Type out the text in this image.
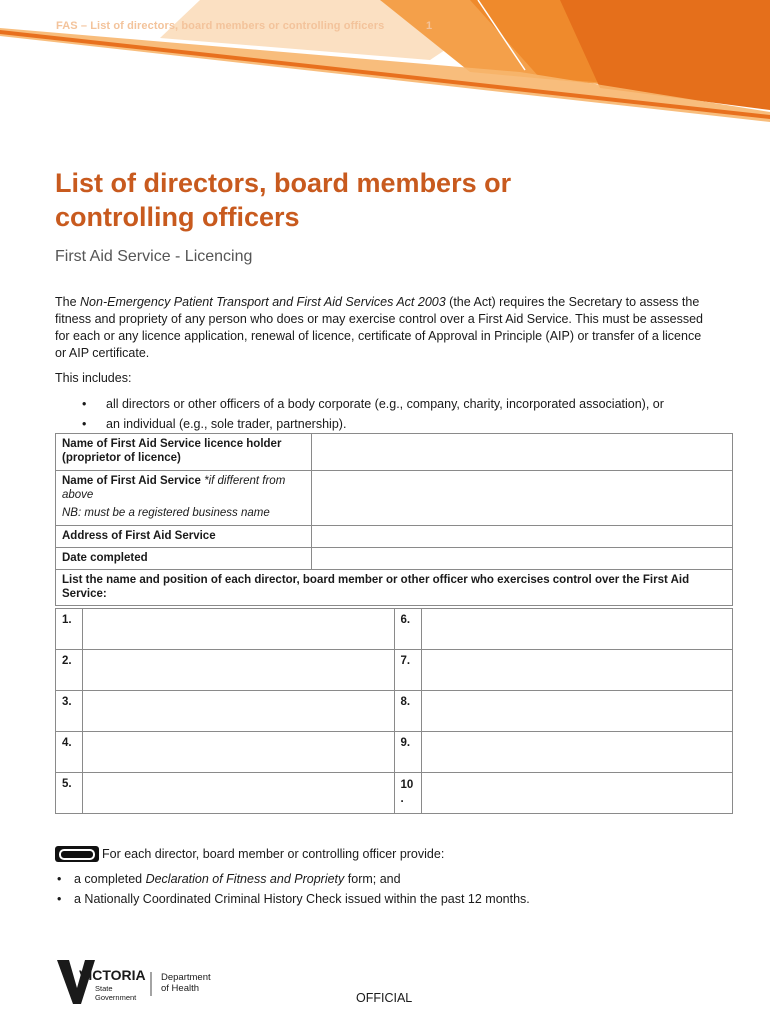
FAS – List of directors, board members or controlling officers	1
List of directors, board members or controlling officers
First Aid Service - Licencing

The Non-Emergency Patient Transport and First Aid Services Act 2003 (the Act) requires the Secretary to assess the fitness and propriety of any person who does or may exercise control over a First Aid Service. This must be assessed for each or any licence application, renewal of licence, certificate of Approval in Principle (AIP) or transfer of a licence or AIP certificate.

This includes:
• all directors or other officers of a body corporate (e.g., company, charity, incorporated association), or
• an individual (e.g., sole trader, partnership).
Name of First Aid Service licence holder (proprietor of licence)	
Name of First Aid Service *if different from above
NB: must be a registered business name	

Address of First Aid Service	
Date completed	
List the name and position of each director, board member or other officer who exercises control over the First Aid Service:	
1.		6.	
2.		7.	
3.		8.	
4.		9.	
5.		10
.	
For each director, board member or controlling officer provide:
• a completed Declaration of Fitness and Propriety form; and
• a Nationally Coordinated Criminal History Check issued within the past 12 months.
VICTORIA
State
Government
Department
of Health
OFFICIAL
